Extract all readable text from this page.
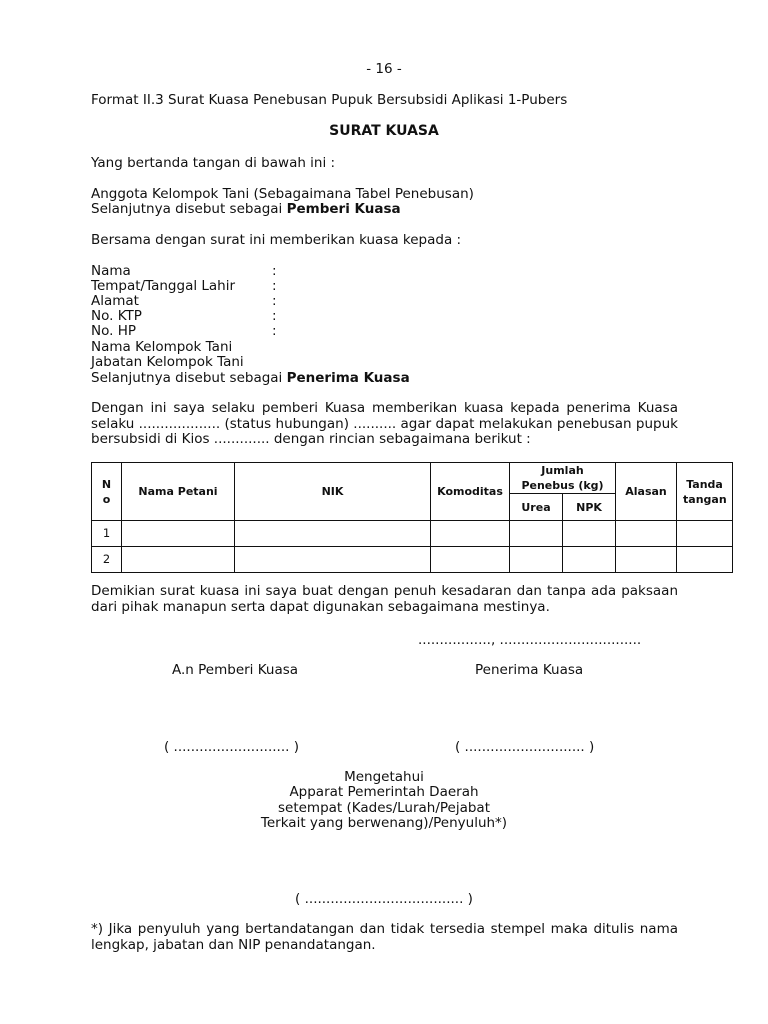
- 16 -
Format II.3 Surat Kuasa Penebusan Pupuk Bersubsidi Aplikasi 1-Pubers
SURAT KUASA
Yang bertanda tangan di bawah ini :
Anggota Kelompok Tani (Sebagaimana Tabel Penebusan)
Selanjutnya disebut sebagai Pemberi Kuasa
Bersama dengan surat ini memberikan kuasa kepada :
Nama	:
Tempat/Tanggal Lahir	:
Alamat	:
No. KTP	:
No. HP	:
Nama Kelompok Tani
Jabatan Kelompok Tani
Selanjutnya disebut sebagai Penerima Kuasa
Dengan ini saya selaku pemberi Kuasa memberikan kuasa kepada penerima Kuasa selaku ................... (status hubungan) .......... agar dapat melakukan penebusan pupuk bersubsidi di Kios ............. dengan rincian sebagaimana berikut :
N o	Nama Petani	NIK	Komoditas	Jumlah Penebus (kg)		Alasan	Tanda tangan
				Urea	NPK		
1							
2							
Demikian surat kuasa ini saya buat dengan penuh kesadaran dan tanpa ada paksaan dari pihak manapun serta dapat digunakan sebagaimana mestinya.
................., .................................
A.n Pemberi Kuasa	Penerima Kuasa
( ........................... )	( ............................ )
Mengetahui
Apparat Pemerintah Daerah
setempat (Kades/Lurah/Pejabat
Terkait yang berwenang)/Penyuluh*)
( ..................................... )
*) Jika penyuluh yang bertandatangan dan tidak tersedia stempel maka ditulis nama lengkap, jabatan dan NIP penandatangan.
